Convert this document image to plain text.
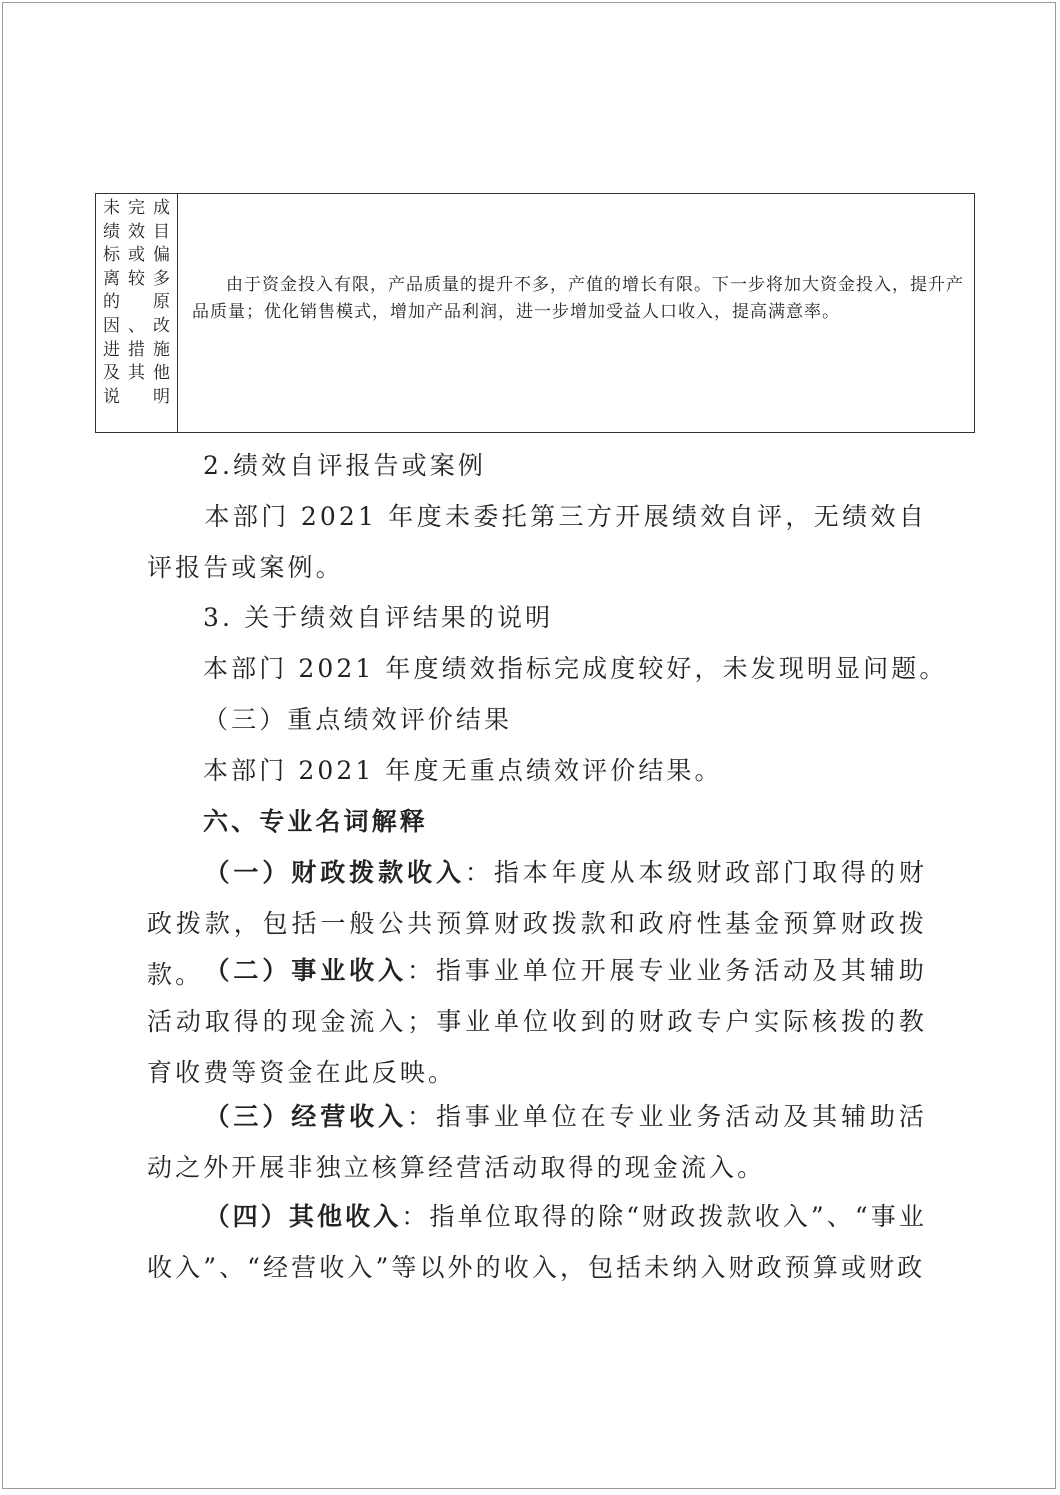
未完成
绩效目
标或偏
离较多
的　原
因、改
进措施
及其他
说明

由于资金投入有限，产品质量的提升不多，产值的增长有限。下一步将加大资金投入，提升产品质量；优化销售模式，增加产品利润，进一步增加受益人口收入，提高满意率。

2.绩效自评报告或案例

本部门 2021 年度未委托第三方开展绩效自评，无绩效自评报告或案例。

3. 关于绩效自评结果的说明

本部门 2021 年度绩效指标完成度较好，未发现明显问题。

（三）重点绩效评价结果

本部门 2021 年度无重点绩效评价结果。

六、专业名词解释

（一）财政拨款收入：指本年度从本级财政部门取得的财政拨款，包括一般公共预算财政拨款和政府性基金预算财政拨款。 （二）事业收入：指事业单位开展专业业务活动及其辅助活动取得的现金流入；事业单位收到的财政专户实际核拨的教育收费等资金在此反映。

（三）经营收入：指事业单位在专业业务活动及其辅助活动之外开展非独立核算经营活动取得的现金流入。

（四）其他收入：指单位取得的除“财政拨款收入”、“事业收入”、“经营收入”等以外的收入，包括未纳入财政预算或财政
